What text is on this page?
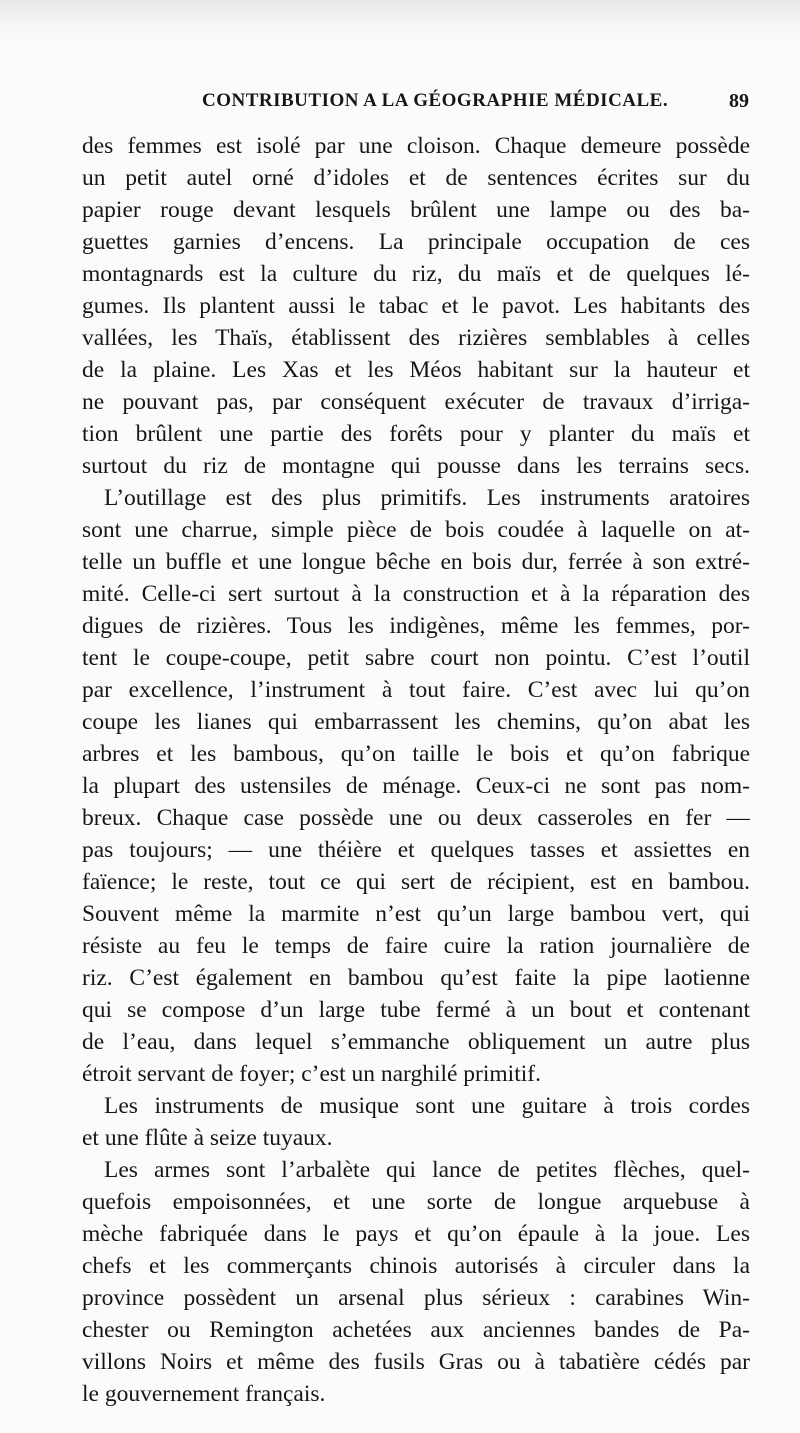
CONTRIBUTION A LA GÉOGRAPHIE MÉDICALE.	89
des femmes est isolé par une cloison. Chaque demeure possède
un petit autel orné d’idoles et de sentences écrites sur du
papier rouge devant lesquels brûlent une lampe ou des ba-
guettes garnies d’encens. La principale occupation de ces
montagnards est la culture du riz, du maïs et de quelques lé-
gumes. Ils plantent aussi le tabac et le pavot. Les habitants des
vallées, les Thaïs, établissent des rizières semblables à celles
de la plaine. Les Xas et les Méos habitant sur la hauteur et
ne pouvant pas, par conséquent exécuter de travaux d’irriga-
tion brûlent une partie des forêts pour y planter du maïs et
surtout du riz de montagne qui pousse dans les terrains secs.
L’outillage est des plus primitifs. Les instruments aratoires
sont une charrue, simple pièce de bois coudée à laquelle on at-
telle un buffle et une longue bêche en bois dur, ferrée à son extré-
mité. Celle-ci sert surtout à la construction et à la réparation des
digues de rizières. Tous les indigènes, même les femmes, por-
tent le coupe-coupe, petit sabre court non pointu. C’est l’outil
par excellence, l’instrument à tout faire. C’est avec lui qu’on
coupe les lianes qui embarrassent les chemins, qu’on abat les
arbres et les bambous, qu’on taille le bois et qu’on fabrique
la plupart des ustensiles de ménage. Ceux-ci ne sont pas nom-
breux. Chaque case possède une ou deux casseroles en fer —
pas toujours; — une théière et quelques tasses et assiettes en
faïence; le reste, tout ce qui sert de récipient, est en bambou.
Souvent même la marmite n’est qu’un large bambou vert, qui
résiste au feu le temps de faire cuire la ration journalière de
riz. C’est également en bambou qu’est faite la pipe laotienne
qui se compose d’un large tube fermé à un bout et contenant
de l’eau, dans lequel s’emmanche obliquement un autre plus
étroit servant de foyer; c’est un narghilé primitif.
Les instruments de musique sont une guitare à trois cordes
et une flûte à seize tuyaux.
Les armes sont l’arbalète qui lance de petites flèches, quel-
quefois empoisonnées, et une sorte de longue arquebuse à
mèche fabriquée dans le pays et qu’on épaule à la joue. Les
chefs et les commerçants chinois autorisés à circuler dans la
province possèdent un arsenal plus sérieux : carabines Win-
chester ou Remington achetées aux anciennes bandes de Pa-
villons Noirs et même des fusils Gras ou à tabatière cédés par
le gouvernement français.
